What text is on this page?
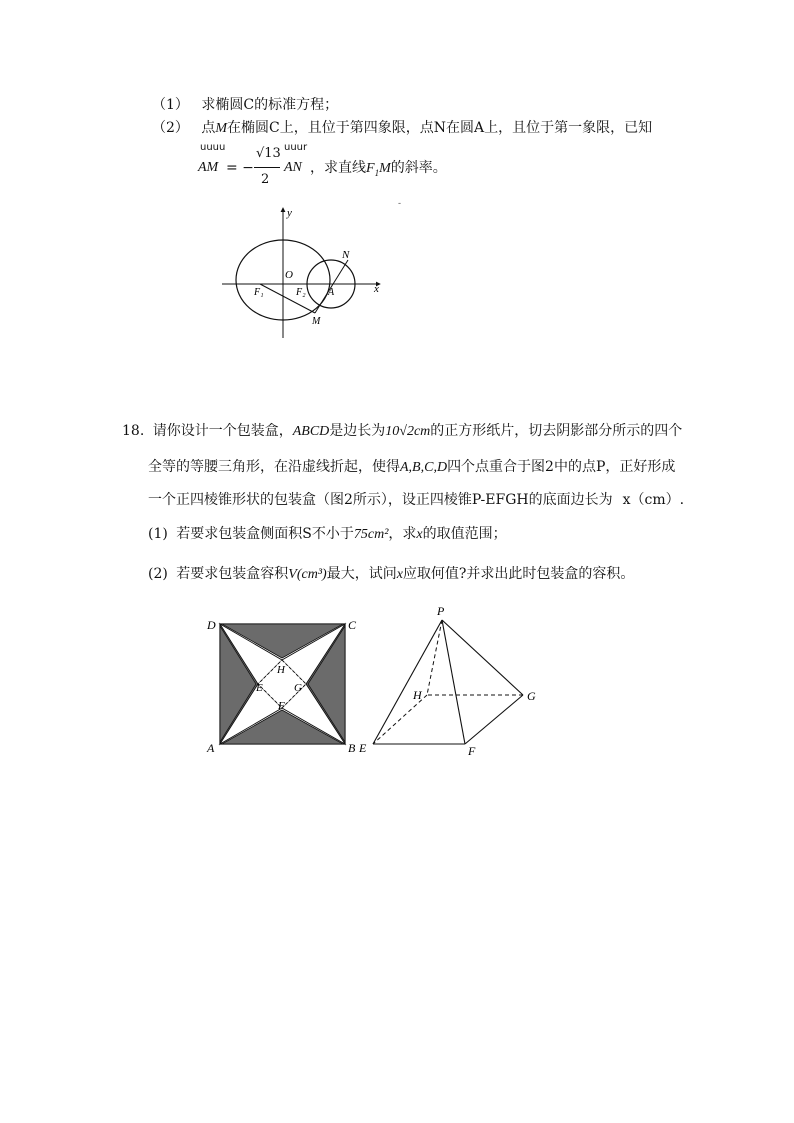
（1） 求椭圆C的标准方程；
（2） 点M在椭圆C上，且位于第四象限，点N在圆A上，且位于第一象限，已知
uuuu
AM = −
√13
2
uuur
AN ，求直线$F_1M$的斜率。
y
x
O
N
F₁	F₂ A
M
-
18. 请你设计一个包装盒，ABCD是边长为10√2cm的正方形纸片，切去阴影部分所示的四个
全等的等腰三角形，在沿虚线折起，使得A,B,C,D四个点重合于图2中的点P，正好形成
一个正四棱锥形状的包装盒（图2所示），设正四棱锥P-EFGH的底面边长为 x（cm）.
(1) 若要求包装盒侧面积S不小于75cm²，求x的取值范围；
(2) 若要求包装盒容积V(cm³)最大，试问x应取何值?并求出此时包装盒的容积。
D	C
A	B
H
E	G
F
P
H	G
E	F
